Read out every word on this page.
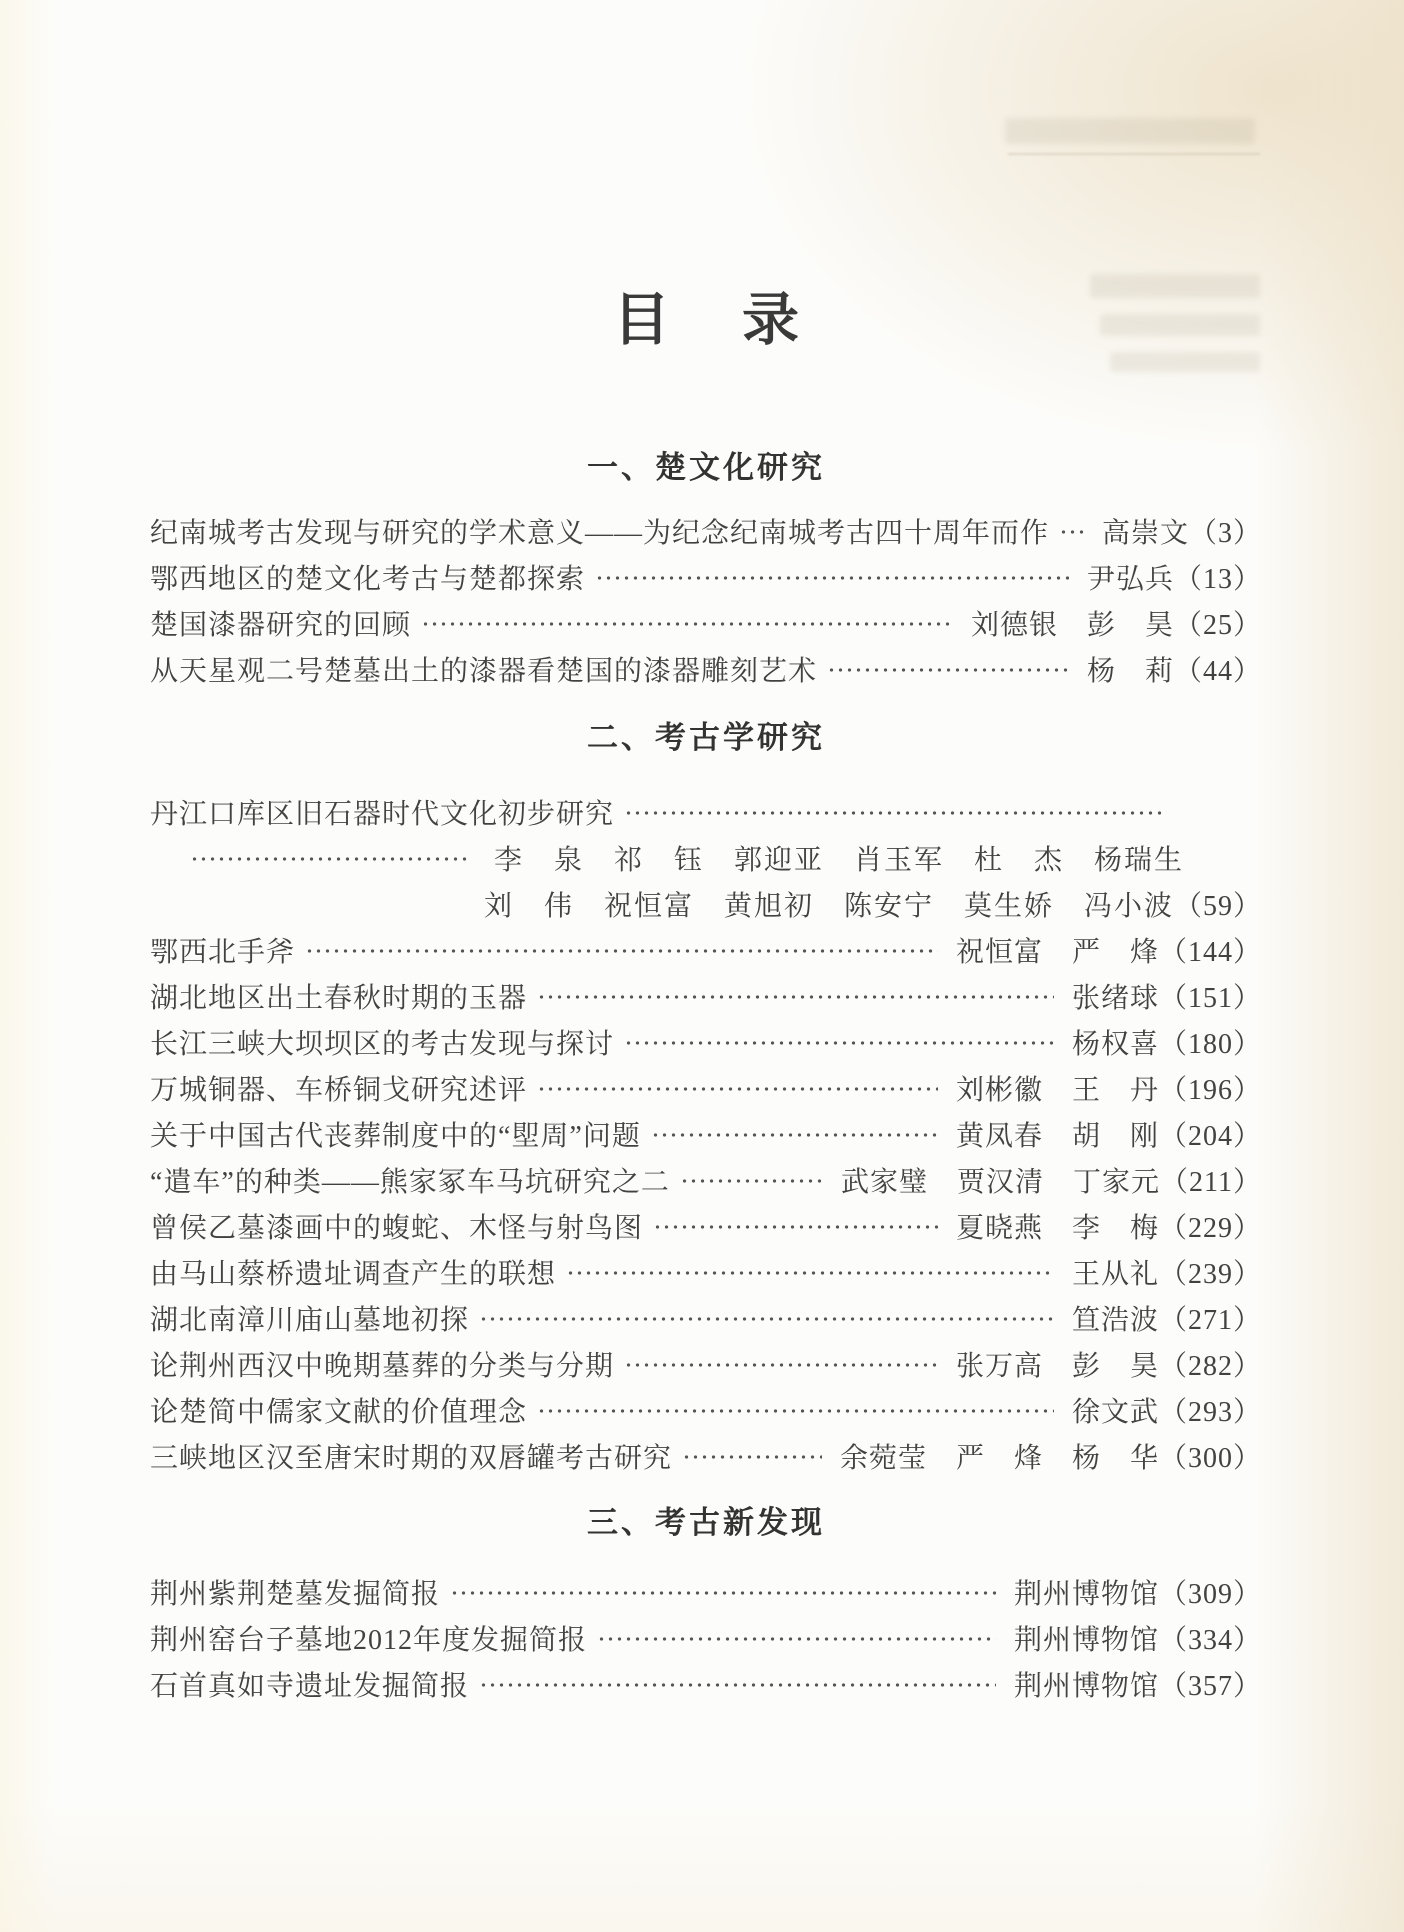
目 录
一、楚文化研究
纪南城考古发现与研究的学术意义——为纪念纪南城考古四十周年而作 高崇文 （3）
鄂西地区的楚文化考古与楚都探索	尹弘兵 （13）
楚国漆器研究的回顾	刘德银　彭　昊 （25）
从天星观二号楚墓出土的漆器看楚国的漆器雕刻艺术	杨　莉 （44）
二、考古学研究
丹江口库区旧石器时代文化初步研究
李　泉　祁　钰　郭迎亚　肖玉军　杜　杰　杨瑞生
刘　伟　祝恒富　黄旭初　陈安宁　莫生娇　冯小波 （59）
鄂西北手斧	祝恒富　严　烽 （144）
湖北地区出土春秋时期的玉器	张绪球 （151）
长江三峡大坝坝区的考古发现与探讨	杨权喜 （180）
万城铜器、车桥铜戈研究述评	刘彬徽　王　丹 （196）
关于中国古代丧葬制度中的“堲周”问题	黄凤春　胡　刚 （204）
“遣车”的种类——熊家冢车马坑研究之二	武家璧　贾汉清　丁家元 （211）
曾侯乙墓漆画中的蝮蛇、木怪与射鸟图	夏晓燕　李　梅 （229）
由马山蔡桥遗址调查产生的联想	王从礼 （239）
湖北南漳川庙山墓地初探	笪浩波 （271）
论荆州西汉中晚期墓葬的分类与分期	张万高　彭　昊 （282）
论楚简中儒家文献的价值理念	徐文武 （293）
三峡地区汉至唐宋时期的双唇罐考古研究	余菀莹　严　烽　杨　华 （300）
三、考古新发现
荆州紫荆楚墓发掘简报	荆州博物馆 （309）
荆州窑台子墓地2012年度发掘简报	荆州博物馆 （334）
石首真如寺遗址发掘简报	荆州博物馆 （357）
